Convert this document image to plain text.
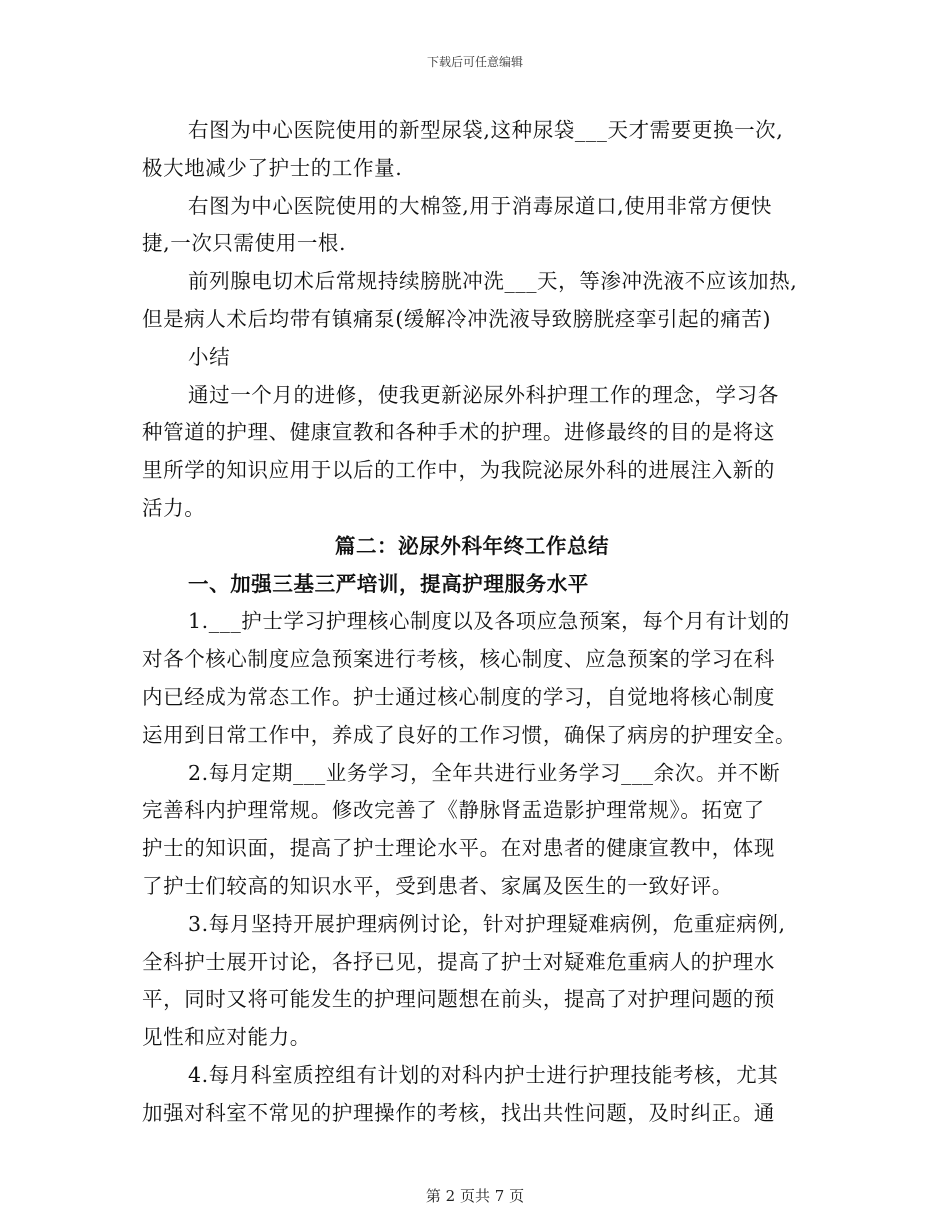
下载后可任意编辑
右图为中心医院使用的新型尿袋,这种尿袋___天才需要更换一次,
极大地减少了护士的工作量.
右图为中心医院使用的大棉签,用于消毒尿道口,使用非常方便快
捷,一次只需使用一根.
前列腺电切术后常规持续膀胱冲洗___天，等渗冲洗液不应该加热,
但是病人术后均带有镇痛泵(缓解冷冲洗液导致膀胱痉挛引起的痛苦)
小结
通过一个月的进修，使我更新泌尿外科护理工作的理念，学习各
种管道的护理、健康宣教和各种手术的护理。进修最终的目的是将这
里所学的知识应用于以后的工作中，为我院泌尿外科的进展注入新的
活力。
篇二：泌尿外科年终工作总结
一、加强三基三严培训，提高护理服务水平
1.___护士学习护理核心制度以及各项应急预案，每个月有计划的
对各个核心制度应急预案进行考核，核心制度、应急预案的学习在科
内已经成为常态工作。护士通过核心制度的学习，自觉地将核心制度
运用到日常工作中，养成了良好的工作习惯，确保了病房的护理安全。
2.每月定期___业务学习，全年共进行业务学习___余次。并不断
完善科内护理常规。修改完善了《静脉肾盂造影护理常规》。拓宽了
护士的知识面，提高了护士理论水平。在对患者的健康宣教中，体现
了护士们较高的知识水平，受到患者、家属及医生的一致好评。
3.每月坚持开展护理病例讨论，针对护理疑难病例，危重症病例,
全科护士展开讨论，各抒已见，提高了护士对疑难危重病人的护理水
平，同时又将可能发生的护理问题想在前头，提高了对护理问题的预
见性和应对能力。
4.每月科室质控组有计划的对科内护士进行护理技能考核，尤其
加强对科室不常见的护理操作的考核，找出共性问题，及时纠正。通
第 2 页共 7 页
